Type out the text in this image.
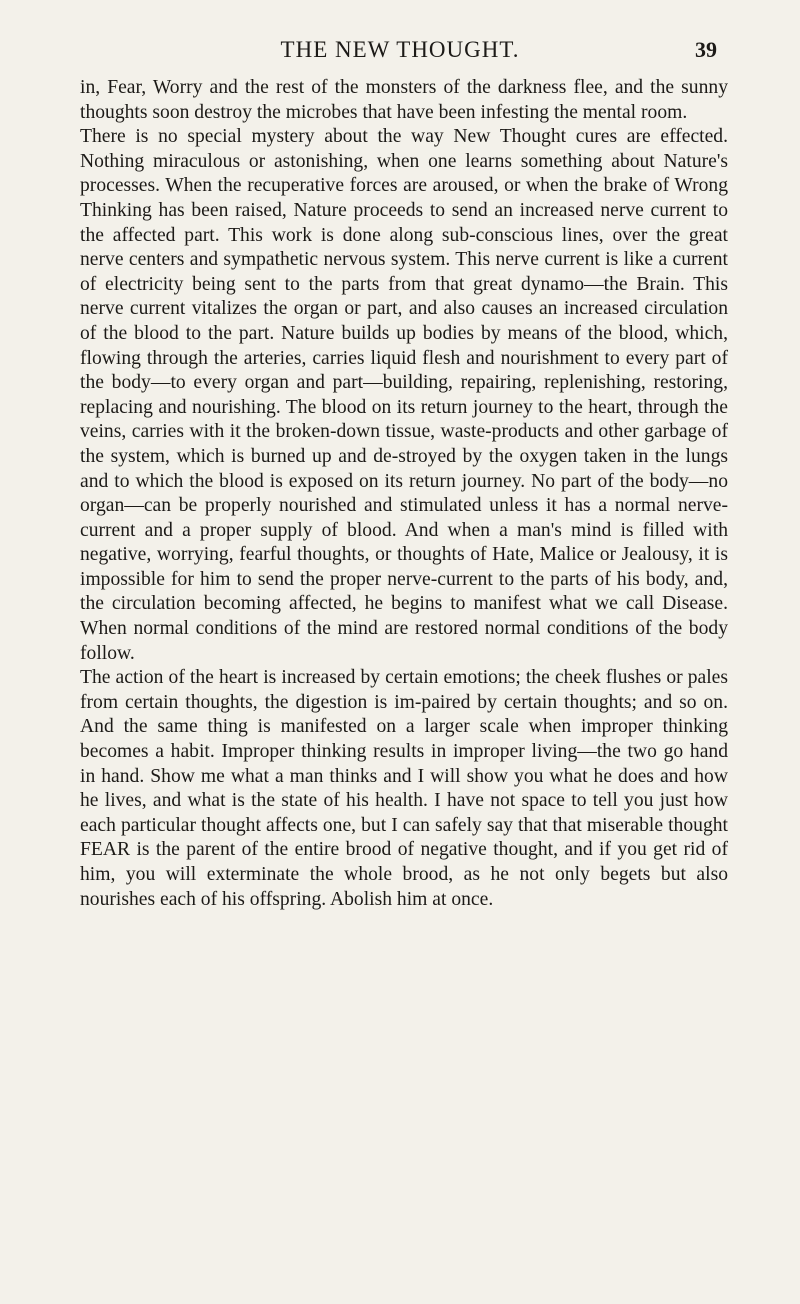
THE NEW THOUGHT.	39

in, Fear, Worry and the rest of the monsters of the darkness flee, and the sunny thoughts soon destroy the microbes that have been infesting the mental room.

There is no special mystery about the way New Thought cures are effected. Nothing miraculous or astonishing, when one learns something about Nature's processes. When the recuperative forces are aroused, or when the brake of Wrong Thinking has been raised, Nature proceeds to send an increased nerve current to the affected part. This work is done along sub-conscious lines, over the great nerve centers and sympathetic nervous system. This nerve current is like a current of electricity being sent to the parts from that great dynamo—the Brain. This nerve current vitalizes the organ or part, and also causes an increased circulation of the blood to the part. Nature builds up bodies by means of the blood, which, flowing through the arteries, carries liquid flesh and nourishment to every part of the body—to every organ and part—building, repairing, replenishing, restoring, replacing and nourishing. The blood on its return journey to the heart, through the veins, carries with it the broken-down tissue, waste-products and other garbage of the system, which is burned up and de-stroyed by the oxygen taken in the lungs and to which the blood is exposed on its return journey. No part of the body—no organ—can be properly nourished and stimulated unless it has a normal nerve-current and a proper supply of blood. And when a man's mind is filled with negative, worrying, fearful thoughts, or thoughts of Hate, Malice or Jealousy, it is impossible for him to send the proper nerve-current to the parts of his body, and, the circulation becoming affected, he begins to manifest what we call Disease. When normal conditions of the mind are restored normal conditions of the body follow.

The action of the heart is increased by certain emotions; the cheek flushes or pales from certain thoughts, the digestion is im-paired by certain thoughts; and so on. And the same thing is manifested on a larger scale when improper thinking becomes a habit. Improper thinking results in improper living—the two go hand in hand. Show me what a man thinks and I will show you what he does and how he lives, and what is the state of his health. I have not space to tell you just how each particular thought affects one, but I can safely say that that miserable thought FEAR is the parent of the entire brood of negative thought, and if you get rid of him, you will exterminate the whole brood, as he not only begets but also nourishes each of his offspring. Abolish him at once.
